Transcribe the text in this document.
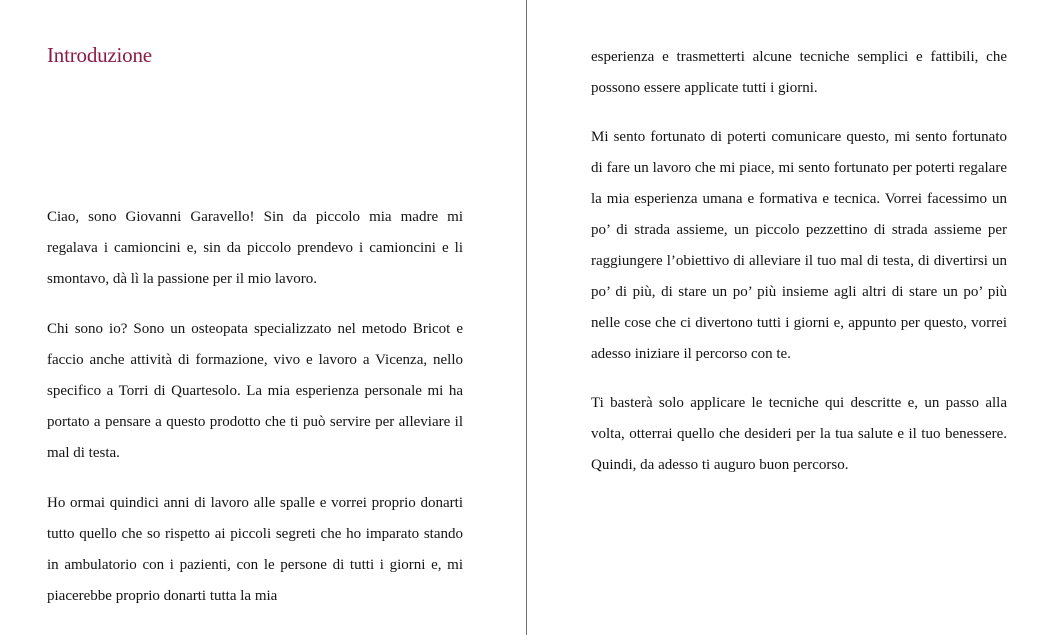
Introduzione

Ciao, sono Giovanni Garavello! Sin da piccolo mia madre mi regalava i camioncini e, sin da piccolo prendevo i camioncini e li smontavo, dà lì la passione per il mio lavoro.

Chi sono io? Sono un osteopata specializzato nel metodo Bricot e faccio anche attività di formazione, vivo e lavoro a Vicenza, nello specifico a Torri di Quartesolo. La mia esperienza personale mi ha portato a pensare a questo prodotto che ti può servire per alleviare il mal di testa.

Ho ormai quindici anni di lavoro alle spalle e vorrei proprio donarti tutto quello che so rispetto ai piccoli segreti che ho imparato stando in ambulatorio con i pazienti, con le persone di tutti i giorni e, mi piacerebbe proprio donarti tutta la mia

esperienza e trasmetterti alcune tecniche semplici e fattibili, che possono essere applicate tutti i giorni.

Mi sento fortunato di poterti comunicare questo, mi sento fortunato di fare un lavoro che mi piace, mi sento fortunato per poterti regalare la mia esperienza umana e formativa e tecnica. Vorrei facessimo un po’ di strada assieme, un piccolo pezzettino di strada assieme per raggiungere l’obiettivo di alleviare il tuo mal di testa, di divertirsi un po’ di più, di stare un po’ più insieme agli altri di stare un po’ più nelle cose che ci divertono tutti i giorni e, appunto per questo, vorrei adesso iniziare il percorso con te.

Ti basterà solo applicare le tecniche qui descritte e, un passo alla volta, otterrai quello che desideri per la tua salute e il tuo benessere. Quindi, da adesso ti auguro buon percorso.
